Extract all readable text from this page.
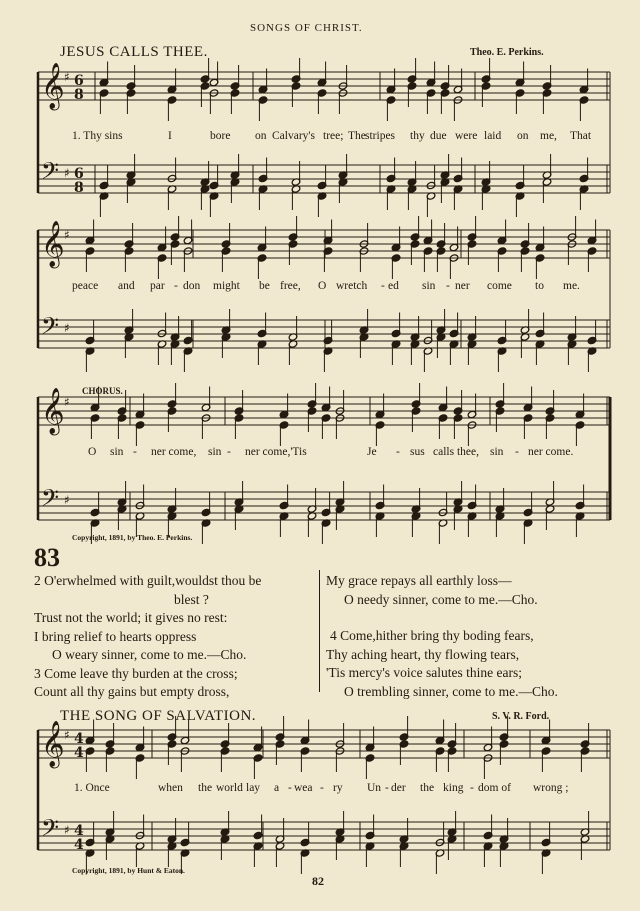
SONGS OF CHRIST.
JESUS CALLS THEE.	Theo. E. Perkins.
𝄞
𝄢
♯
♯
6
8
6
8
𝄞
𝄢
♯
♯
𝄞
𝄢
♯
♯
𝄞
𝄢
♯
♯
4
4
4
4
1. Thy sins	I	bore on Calvary's tree; The stripes thy due were laid on me, That
peace and par - don might be free, O wretch - ed sin - ner come to me.
CHORUS.
O sin - ner come, sin - ner come,'Tis	Je - sus calls thee, sin - ner come.
Copyright, 1891, by Theo. E. Perkins.
83
2 O'erwhelmed with guilt,wouldst thou be
blest ?
Trust not the world; it gives no rest:
I bring relief to hearts oppress
O weary sinner, come to me.—Cho.
3 Come leave thy burden at the cross;
Count all thy gains but empty dross,
My grace repays all earthly loss—
O needy sinner, come to me.—Cho.
4 Come,hither bring thy boding fears,
Thy aching heart, thy flowing tears,
'Tis mercy's voice salutes thine ears;
O trembling sinner, come to me.—Cho.
THE SONG OF SALVATION.	S. V. R. Ford.
1. Once	when the world lay a - wea - ry Un - der the king - dom of wrong ;
Copyright, 1891, by Hunt & Eaton.
82
